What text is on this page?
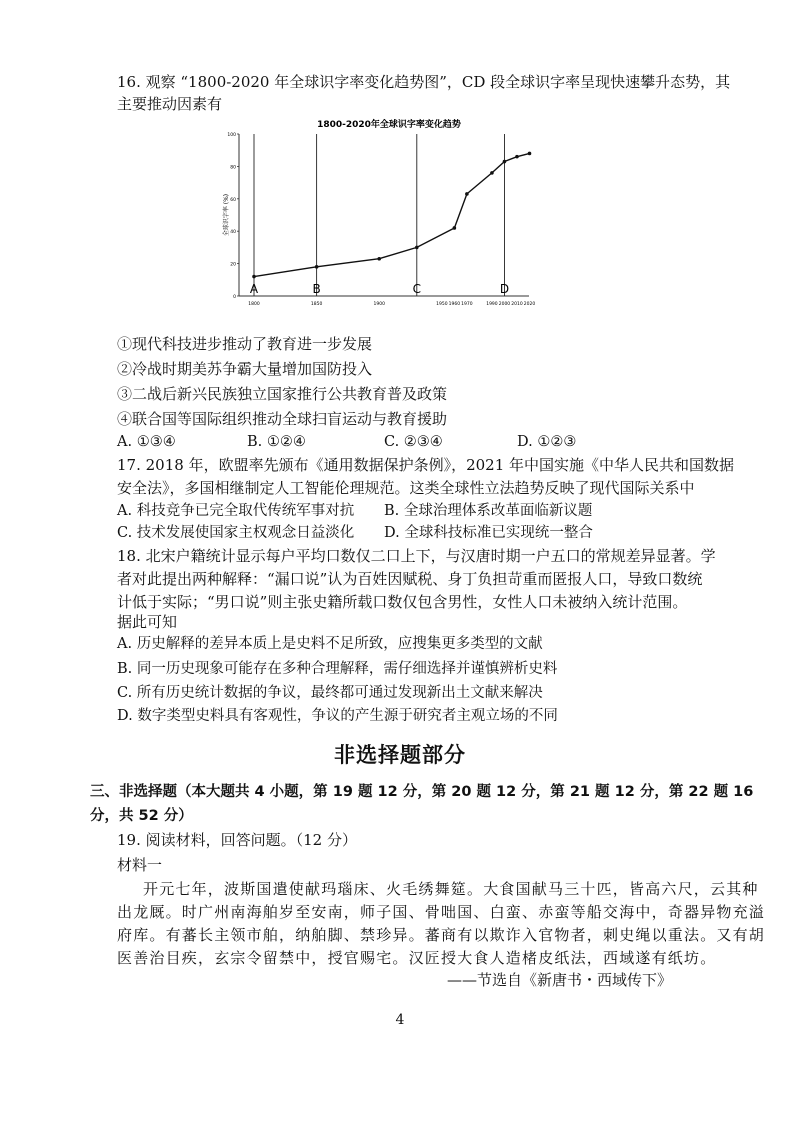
16. 观察 “1800-2020 年全球识字率变化趋势图”，CD 段全球识字率呈现快速攀升态势，其
主要推动因素有
1800-2020年全球识字率变化趋势
全球识字率 (%)
0
20
40
60
80
100
1800	1850	1900	1950 1960 1970	1990 2000 2010 2020
A	B	C	D
①现代科技进步推动了教育进一步发展
②冷战时期美苏争霸大量增加国防投入
③二战后新兴民族独立国家推行公共教育普及政策
④联合国等国际组织推动全球扫盲运动与教育援助
A. ①③④	B. ①②④	C. ②③④	D. ①②③
17. 2018 年，欧盟率先颁布《通用数据保护条例》，2021 年中国实施《中华人民共和国数据
安全法》，多国相继制定人工智能伦理规范。这类全球性立法趋势反映了现代国际关系中
A. 科技竞争已完全取代传统军事对抗 B. 全球治理体系改革面临新议题
C. 技术发展使国家主权观念日益淡化 D. 全球科技标准已实现统一整合
18. 北宋户籍统计显示每户平均口数仅二口上下，与汉唐时期一户五口的常规差异显著。学
者对此提出两种解释：“漏口说”认为百姓因赋税、身丁负担苛重而匿报人口，导致口数统
计低于实际；“男口说”则主张史籍所载口数仅包含男性，女性人口未被纳入统计范围。
据此可知
A. 历史解释的差异本质上是史料不足所致，应搜集更多类型的文献
B. 同一历史现象可能存在多种合理解释，需仔细选择并谨慎辨析史料
C. 所有历史统计数据的争议，最终都可通过发现新出土文献来解决
D. 数字类型史料具有客观性，争议的产生源于研究者主观立场的不同
非选择题部分
三、非选择题（本大题共 4 小题，第 19 题 12 分，第 20 题 12 分，第 21 题 12 分，第 22 题 16
分，共 52 分）
19. 阅读材料，回答问题。（12 分）
材料一
开元七年，波斯国遣使献玛瑙床、火毛绣舞筵。大食国献马三十匹，皆高六尺，云其种
出龙厩。时广州南海舶岁至安南，师子国、骨咄国、白蛮、赤蛮等船交海中，奇器异物充溢
府库。有蕃长主领市舶，纳舶脚、禁珍异。蕃商有以欺诈入官物者，刺史绳以重法。又有胡
医善治目疾，玄宗令留禁中，授官赐宅。汉匠授大食人造楮皮纸法，西域遂有纸坊。
——节选自《新唐书・西域传下》
4
